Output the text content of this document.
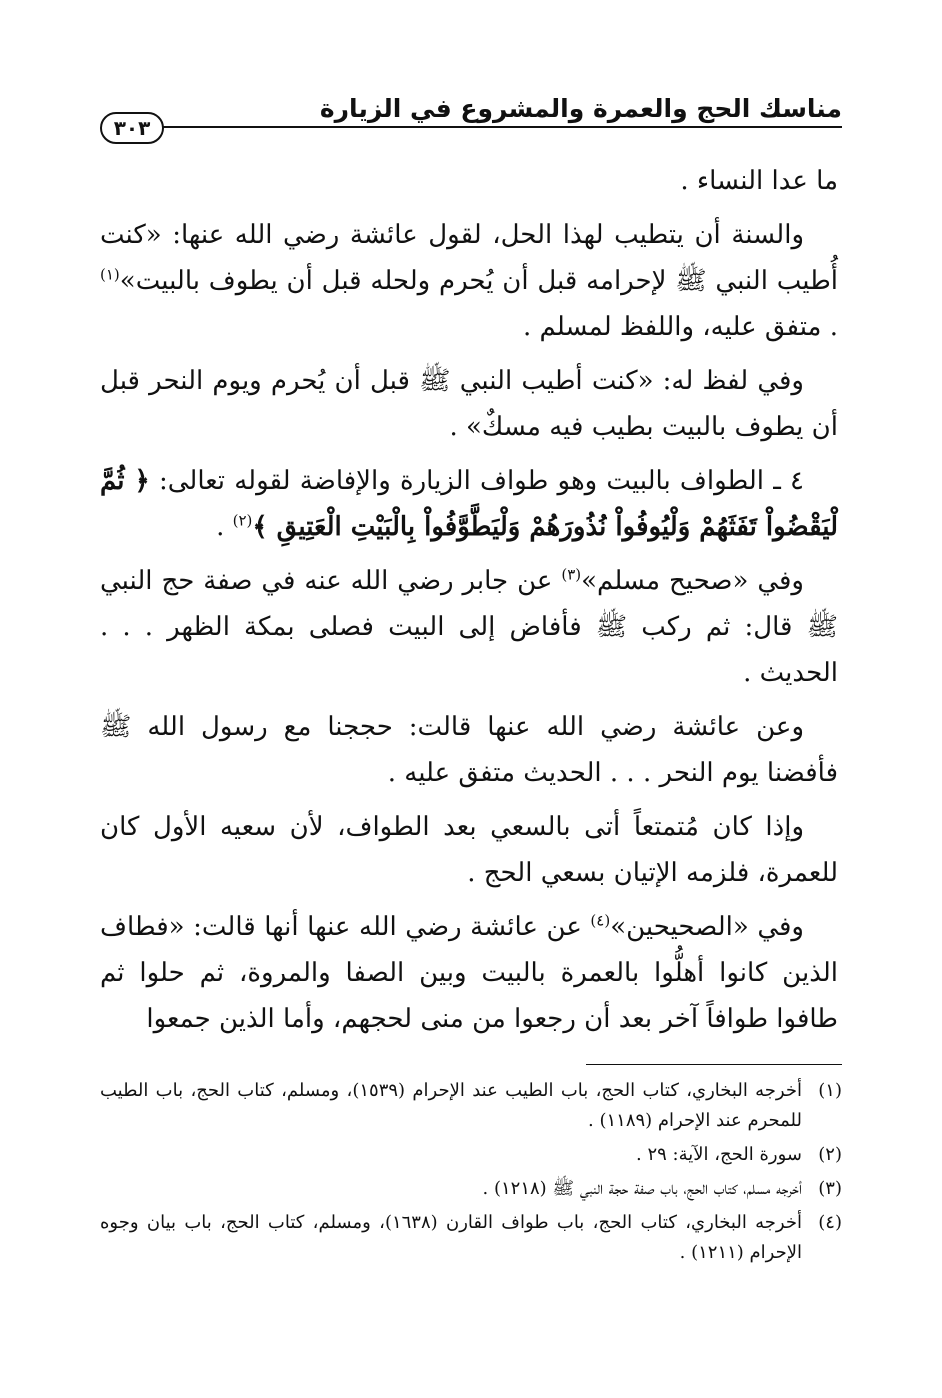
مناسك الحج والعمرة والمشروع في الزيارة
٣٠٣

ما عدا النساء .

والسنة أن يتطيب لهذا الحل، لقول عائشة رضي الله عنها: «كنت أُطيب النبي ﷺ لإحرامه قبل أن يُحرم ولحله قبل أن يطوف بالبيت»$^{(١)}$ . متفق عليه، واللفظ لمسلم .

وفي لفظ له: «كنت أطيب النبي ﷺ قبل أن يُحرم ويوم النحر قبل أن يطوف بالبيت بطيب فيه مسكٌ» .

٤ ـ الطواف بالبيت وهو طواف الزيارة والإفاضة لقوله تعالى: ﴿ ثُمَّ لْيَقْضُواْ تَفَثَهُمْ وَلْيُوفُواْ نُذُورَهُمْ وَلْيَطَّوَّفُواْ بِالْبَيْتِ الْعَتِيقِ ﴾$^{(٢)}$ .

وفي «صحيح مسلم»$^{(٣)}$ عن جابر رضي الله عنه في صفة حج النبي ﷺ قال: ثم ركب ﷺ فأفاض إلى البيت فصلى بمكة الظهر . . . الحديث .

وعن عائشة رضي الله عنها قالت: حججنا مع رسول الله ﷺ فأفضنا يوم النحر . . . الحديث متفق عليه .

وإذا كان مُتمتعاً أتى بالسعي بعد الطواف، لأن سعيه الأول كان للعمرة، فلزمه الإتيان بسعي الحج .

وفي «الصحيحين»$^{(٤)}$ عن عائشة رضي الله عنها أنها قالت: «فطاف الذين كانوا أهلُّوا بالعمرة بالبيت وبين الصفا والمروة، ثم حلوا ثم طافوا طوافاً آخر بعد أن رجعوا من منى لحجهم، وأما الذين جمعوا

(١)أخرجه البخاري، كتاب الحج، باب الطيب عند الإحرام (١٥٣٩)، ومسلم، كتاب الحج، باب الطيب للمحرم عند الإحرام (١١٨٩) .

(٢)سورة الحج، الآية: ٢٩ .

(٣)أخرجه مسلم، كتاب الحج، باب صفة حجة النبي ﷺ (١٢١٨) .

(٤)أخرجه البخاري، كتاب الحج، باب طواف القارن (١٦٣٨)، ومسلم، كتاب الحج، باب بيان وجوه الإحرام (١٢١١) .
